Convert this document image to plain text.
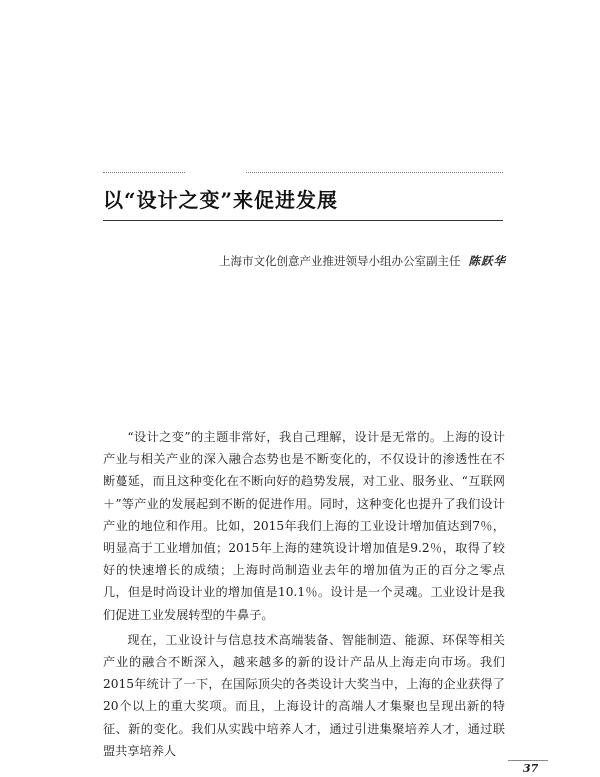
以“设计之变”来促进发展
上海市文化创意产业推进领导小组办公室副主任 陈跃华

“设计之变”的主题非常好，我自己理解，设计是无常的。上海的设计产业与相关产业的深入融合态势也是不断变化的，不仅设计的渗透性在不断蔓延，而且这种变化在不断向好的趋势发展，对工业、服务业、“互联网＋”等产业的发展起到不断的促进作用。同时，这种变化也提升了我们设计产业的地位和作用。比如，2015年我们上海的工业设计增加值达到7％，明显高于工业增加值；2015年上海的建筑设计增加值是9.2％，取得了较好的快速增长的成绩；上海时尚制造业去年的增加值为正的百分之零点几，但是时尚设计业的增加值是10.1％。设计是一个灵魂。工业设计是我们促进工业发展转型的牛鼻子。

现在，工业设计与信息技术高端装备、智能制造、能源、环保等相关产业的融合不断深入，越来越多的新的设计产品从上海走向市场。我们2015年统计了一下，在国际顶尖的各类设计大奖当中，上海的企业获得了20个以上的重大奖项。而且，上海设计的高端人才集聚也呈现出新的特征、新的变化。我们从实践中培养人才，通过引进集聚培养人才，通过联盟共享培养人

37
